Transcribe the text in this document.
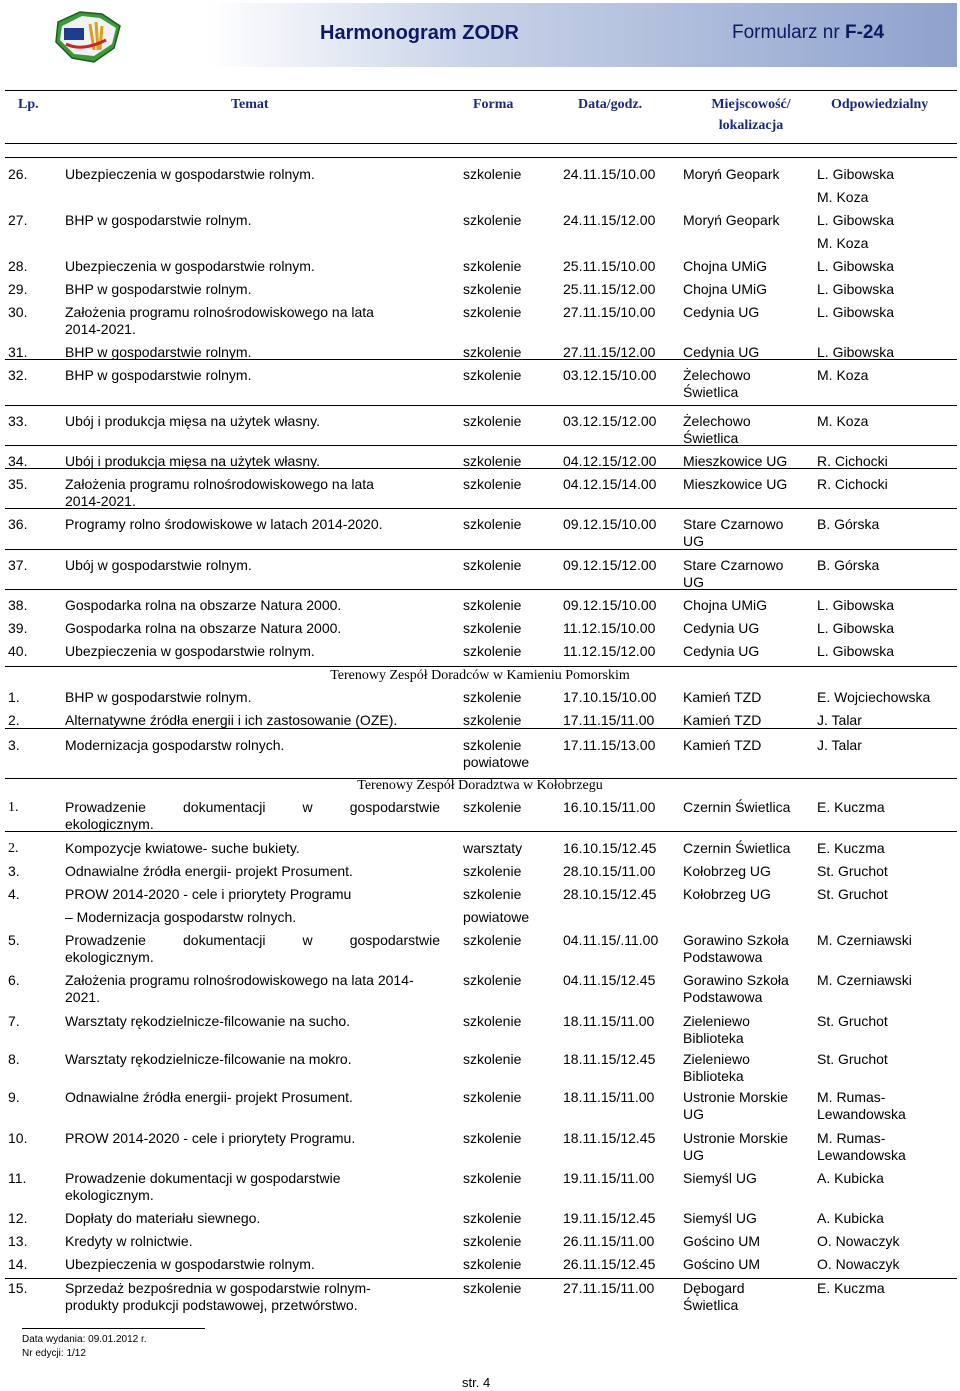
Harmonogram ZODR	Formularz nr F-24
Lp.	Temat	Forma	Data/godz.	Miejscowość/
lokalizacja
Odpowiedzialny
26.	Ubezpieczenia w gospodarstwie rolnym.	szkolenie	24.11.15/10.00	Moryń Geopark	L. Gibowska
M. Koza
27.	BHP w gospodarstwie rolnym.	szkolenie	24.11.15/12.00	Moryń Geopark	L. Gibowska
M. Koza
28.	Ubezpieczenia w gospodarstwie rolnym.	szkolenie	25.11.15/10.00	Chojna UMiG	L. Gibowska
29.	BHP w gospodarstwie rolnym.	szkolenie	25.11.15/12.00	Chojna UMiG	L. Gibowska
30.	Założenia programu rolnośrodowiskowego na lata
2014-2021.
szkolenie	27.11.15/10.00	Cedynia UG	L. Gibowska
31.	BHP w gospodarstwie rolnym.	szkolenie	27.11.15/12.00	Cedynia UG	L. Gibowska
32.	BHP w gospodarstwie rolnym.	szkolenie	03.12.15/10.00	Żelechowo
Świetlica
M. Koza
33.	Ubój i produkcja mięsa na użytek własny.	szkolenie	03.12.15/12.00	Żelechowo
Świetlica
M. Koza
34.	Ubój i produkcja mięsa na użytek własny.	szkolenie	04.12.15/12.00	Mieszkowice UG	R. Cichocki
35.	Założenia programu rolnośrodowiskowego na lata
2014-2021.
szkolenie	04.12.15/14.00	Mieszkowice UG	R. Cichocki
36.	Programy rolno środowiskowe w latach 2014-2020.	szkolenie	09.12.15/10.00	Stare Czarnowo
UG
B. Górska
37.	Ubój w gospodarstwie rolnym.	szkolenie	09.12.15/12.00	Stare Czarnowo
UG
B. Górska
38.	Gospodarka rolna na obszarze Natura 2000.	szkolenie	09.12.15/10.00	Chojna UMiG	L. Gibowska
39.	Gospodarka rolna na obszarze Natura 2000.	szkolenie	11.12.15/10.00	Cedynia UG	L. Gibowska
40.	Ubezpieczenia w gospodarstwie rolnym.	szkolenie	11.12.15/12.00	Cedynia UG	L. Gibowska
1.	BHP w gospodarstwie rolnym.	szkolenie	17.10.15/10.00	Kamień TZD	E. Wojciechowska
2.	Alternatywne źródła energii i ich zastosowanie (OZE).	szkolenie	17.11.15/11.00	Kamień TZD	J. Talar
3.	Modernizacja gospodarstw rolnych.	szkolenie
powiatowe
17.11.15/13.00	Kamień TZD	J. Talar
1.	Prowadzenie dokumentacji w gospodarstwie
ekologicznym.
szkolenie	16.10.15/11.00	Czernin Świetlica	E. Kuczma
2.	Kompozycje kwiatowe- suche bukiety.	warsztaty	16.10.15/12.45	Czernin Świetlica	E. Kuczma
3.	Odnawialne źródła energii- projekt Prosument.	szkolenie	28.10.15/11.00	Kołobrzeg UG	St. Gruchot
4.	PROW 2014-2020 - cele i priorytety Programu
– Modernizacja gospodarstw rolnych.
szkolenie
powiatowe
28.10.15/12.45	Kołobrzeg UG	St. Gruchot
5.	Prowadzenie dokumentacji w gospodarstwie
ekologicznym.
szkolenie	04.11.15/.11.00	Gorawino Szkoła
Podstawowa
M. Czerniawski
6.	Założenia programu rolnośrodowiskowego na lata 2014-
2021.
szkolenie	04.11.15/12.45	Gorawino Szkoła
Podstawowa
M. Czerniawski
7.	Warsztaty rękodzielnicze-filcowanie na sucho.	szkolenie	18.11.15/11.00	Zieleniewo
Biblioteka
St. Gruchot
8.	Warsztaty rękodzielnicze-filcowanie na mokro.	szkolenie	18.11.15/12.45	Zieleniewo
Biblioteka
St. Gruchot
9.	Odnawialne źródła energii- projekt Prosument.	szkolenie	18.11.15/11.00	Ustronie Morskie
UG
M. Rumas-
Lewandowska
10.	PROW 2014-2020 - cele i priorytety Programu.	szkolenie	18.11.15/12.45	Ustronie Morskie
UG
M. Rumas-
Lewandowska
11.	Prowadzenie dokumentacji w gospodarstwie
ekologicznym.
szkolenie	19.11.15/11.00	Siemyśl UG	A. Kubicka
12.	Dopłaty do materiału siewnego.	szkolenie	19.11.15/12.45	Siemyśl UG	A. Kubicka
13.	Kredyty w rolnictwie.	szkolenie	26.11.15/11.00	Gościno UM	O. Nowaczyk
14.	Ubezpieczenia w gospodarstwie rolnym.	szkolenie	26.11.15/12.45	Gościno UM	O. Nowaczyk
15.	Sprzedaż bezpośrednia w gospodarstwie rolnym-
produkty produkcji podstawowej, przetwórstwo.
szkolenie	27.11.15/11.00	Dębogard
Świetlica
E. Kuczma
Terenowy Zespół Doradców w Kamieniu Pomorskim
Terenowy Zespół Doradztwa w Kołobrzegu
Data wydania: 09.01.2012 r.
Nr edycji: 1/12
str. 4
